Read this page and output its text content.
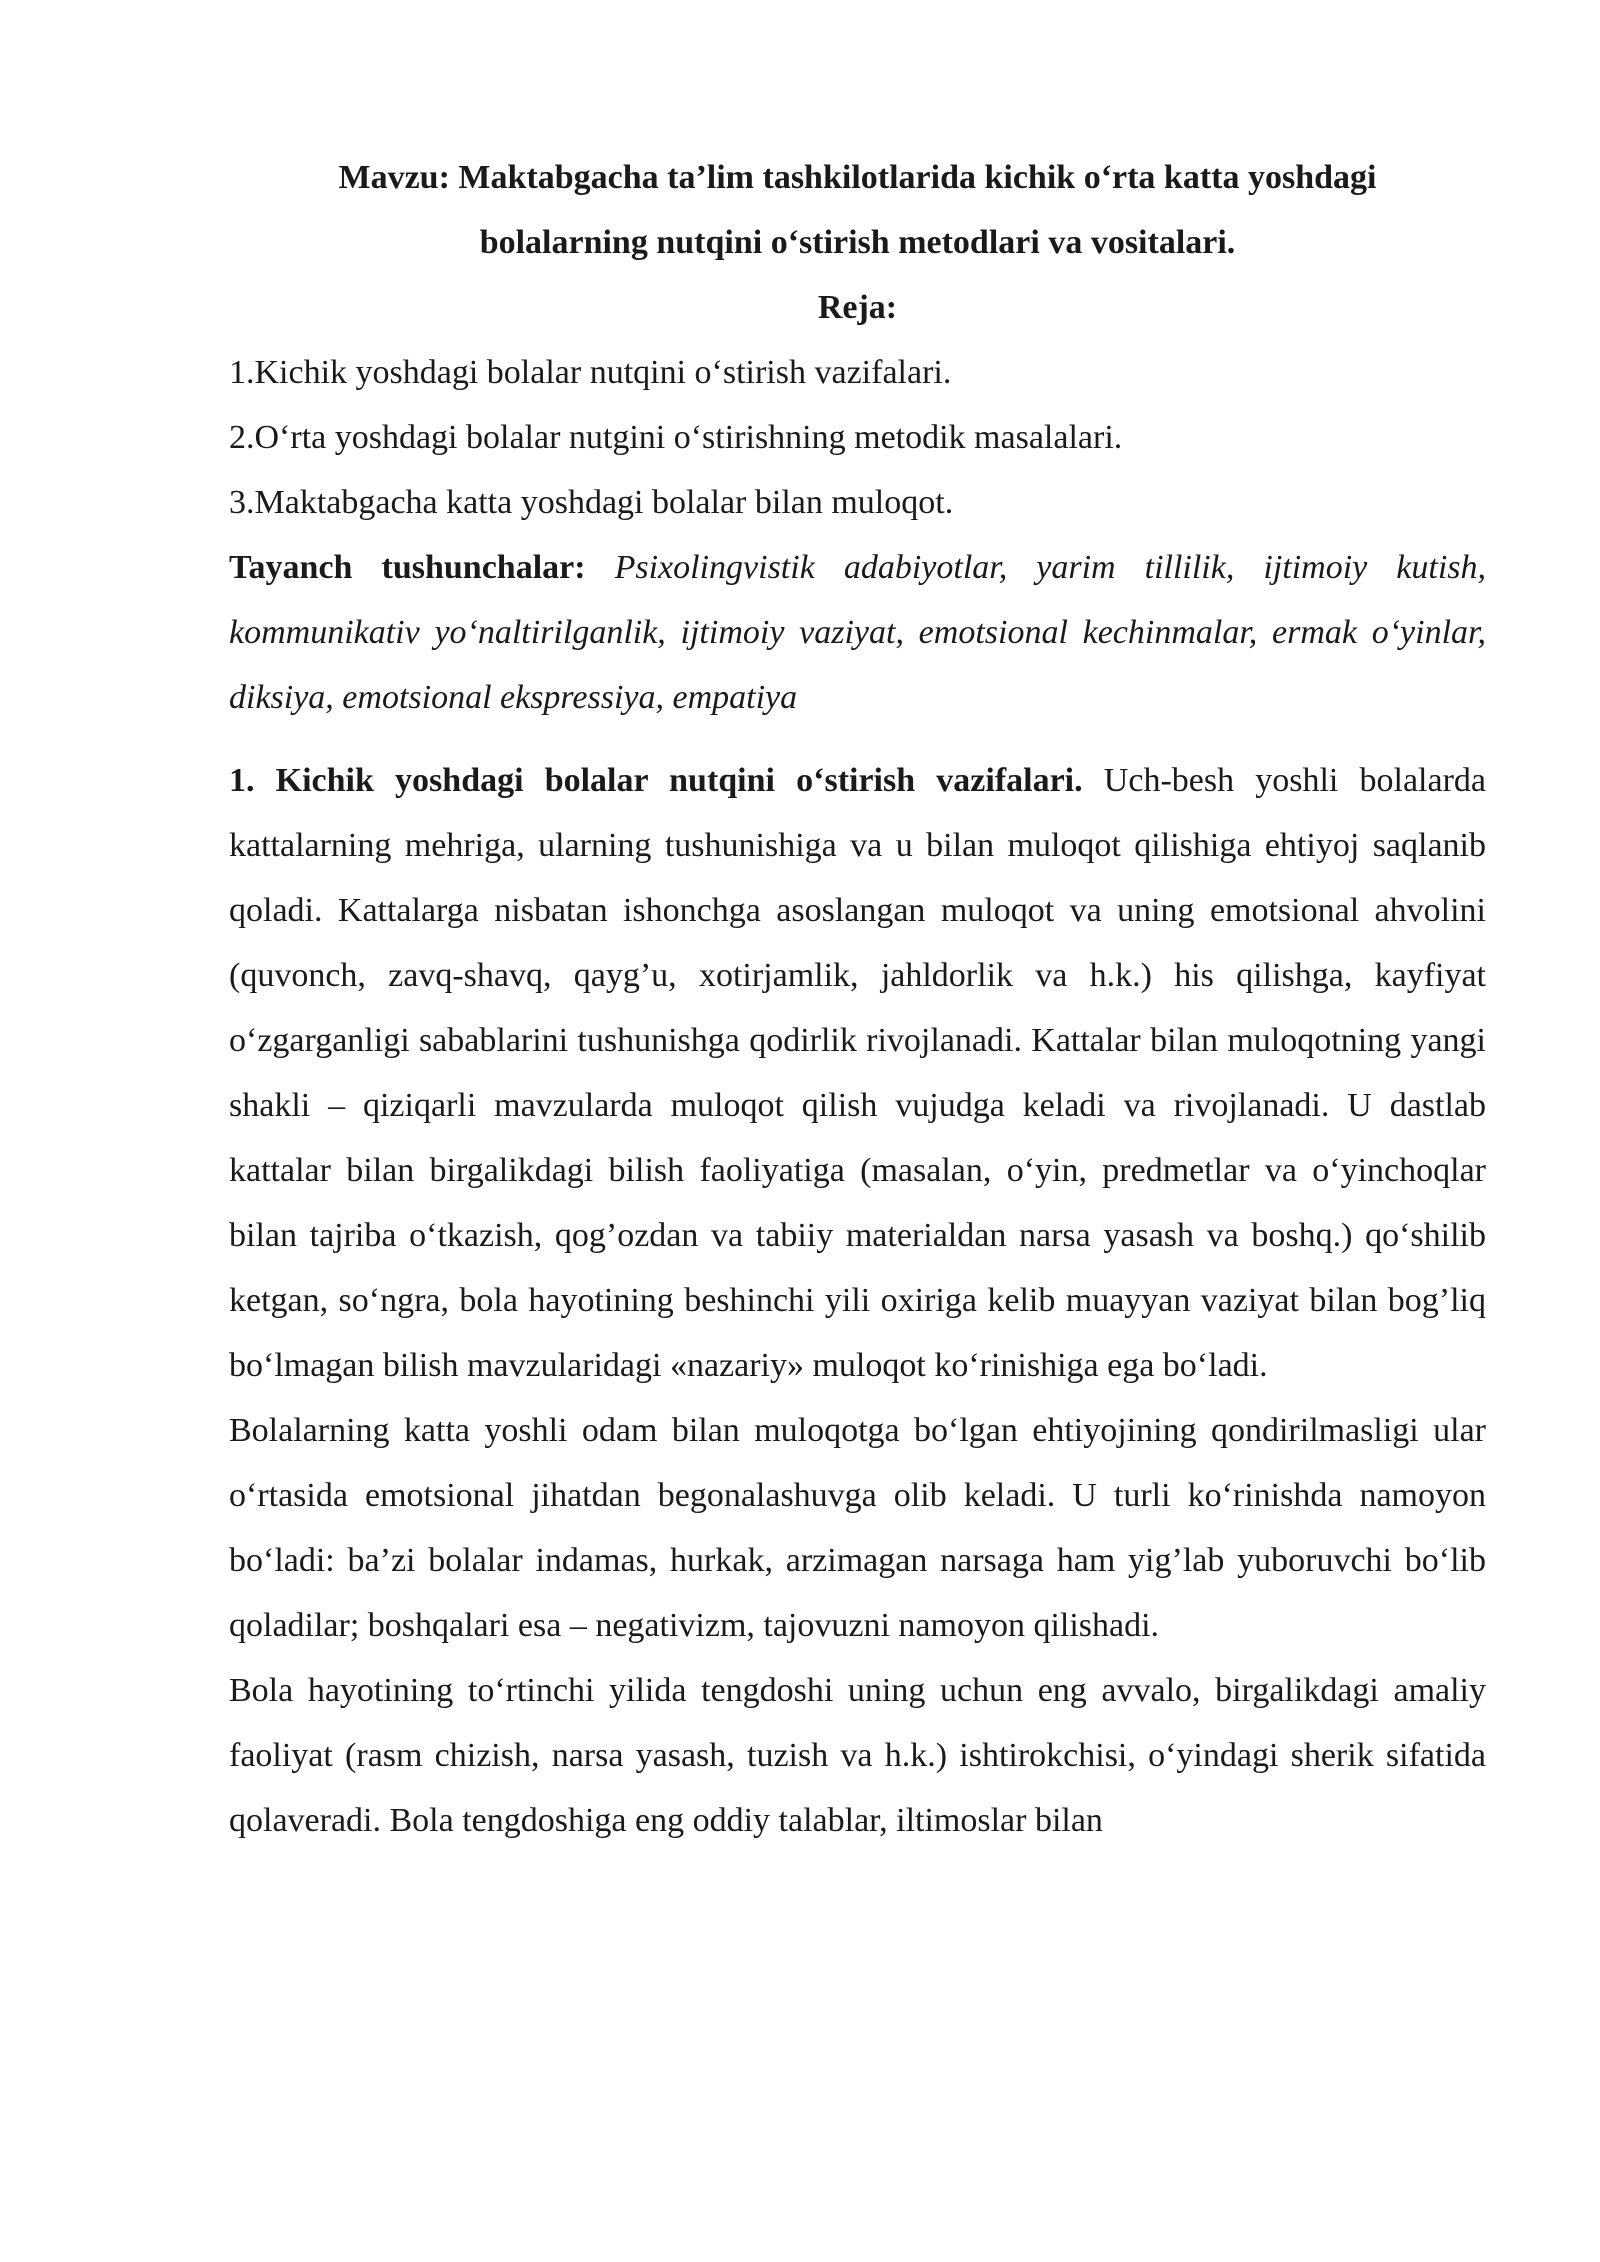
Mavzu: Maktabgacha ta’lim tashkilotlarida kichik o‘rta katta yoshdagi
bolalarning nutqini o‘stirish metodlari va vositalari.
Reja:

1.Kichik yoshdagi bolalar nutqini o‘stirish vazifalari.

2.O‘rta yoshdagi bolalar nutgini o‘stirishning metodik masalalari.

3.Maktabgacha katta yoshdagi bolalar bilan muloqot.

Tayanch tushunchalar: Psixolingvistik adabiyotlar, yarim tillilik, ijtimoiy kutish, kommunikativ yo‘naltirilganlik, ijtimoiy vaziyat, emotsional kechinmalar, ermak o‘yinlar, diksiya, emotsional ekspressiya, empatiya

1. Kichik yoshdagi bolalar nutqini o‘stirish vazifalari. Uch-besh yoshli bolalarda kattalarning mehriga, ularning tushunishiga va u bilan muloqot qilishiga ehtiyoj saqlanib qoladi. Kattalarga nisbatan ishonchga asoslangan muloqot va uning emotsional ahvolini (quvonch, zavq-shavq, qayg’u, xotirjamlik, jahldorlik va h.k.) his qilishga, kayfiyat o‘zgarganligi sabablarini tushunishga qodirlik rivojlanadi. Kattalar bilan muloqotning yangi shakli – qiziqarli mavzularda muloqot qilish vujudga keladi va rivojlanadi. U dastlab kattalar bilan birgalikdagi bilish faoliyatiga (masalan, o‘yin, predmetlar va o‘yinchoqlar bilan tajriba o‘tkazish, qog’ozdan va tabiiy materialdan narsa yasash va boshq.) qo‘shilib ketgan, so‘ngra, bola hayotining beshinchi yili oxiriga kelib muayyan vaziyat bilan bog’liq bo‘lmagan bilish mavzularidagi «nazariy» muloqot ko‘rinishiga ega bo‘ladi.

Bolalarning katta yoshli odam bilan muloqotga bo‘lgan ehtiyojining qondirilmasligi ular o‘rtasida emotsional jihatdan begonalashuvga olib keladi. U turli ko‘rinishda namoyon bo‘ladi: ba’zi bolalar indamas, hurkak, arzimagan narsaga ham yig’lab yuboruvchi bo‘lib qoladilar; boshqalari esa – negativizm, tajovuzni namoyon qilishadi.

Bola hayotining to‘rtinchi yilida tengdoshi uning uchun eng avvalo, birgalikdagi amaliy faoliyat (rasm chizish, narsa yasash, tuzish va h.k.) ishtirokchisi, o‘yindagi sherik sifatida qolaveradi. Bola tengdoshiga eng oddiy talablar, iltimoslar bilan
